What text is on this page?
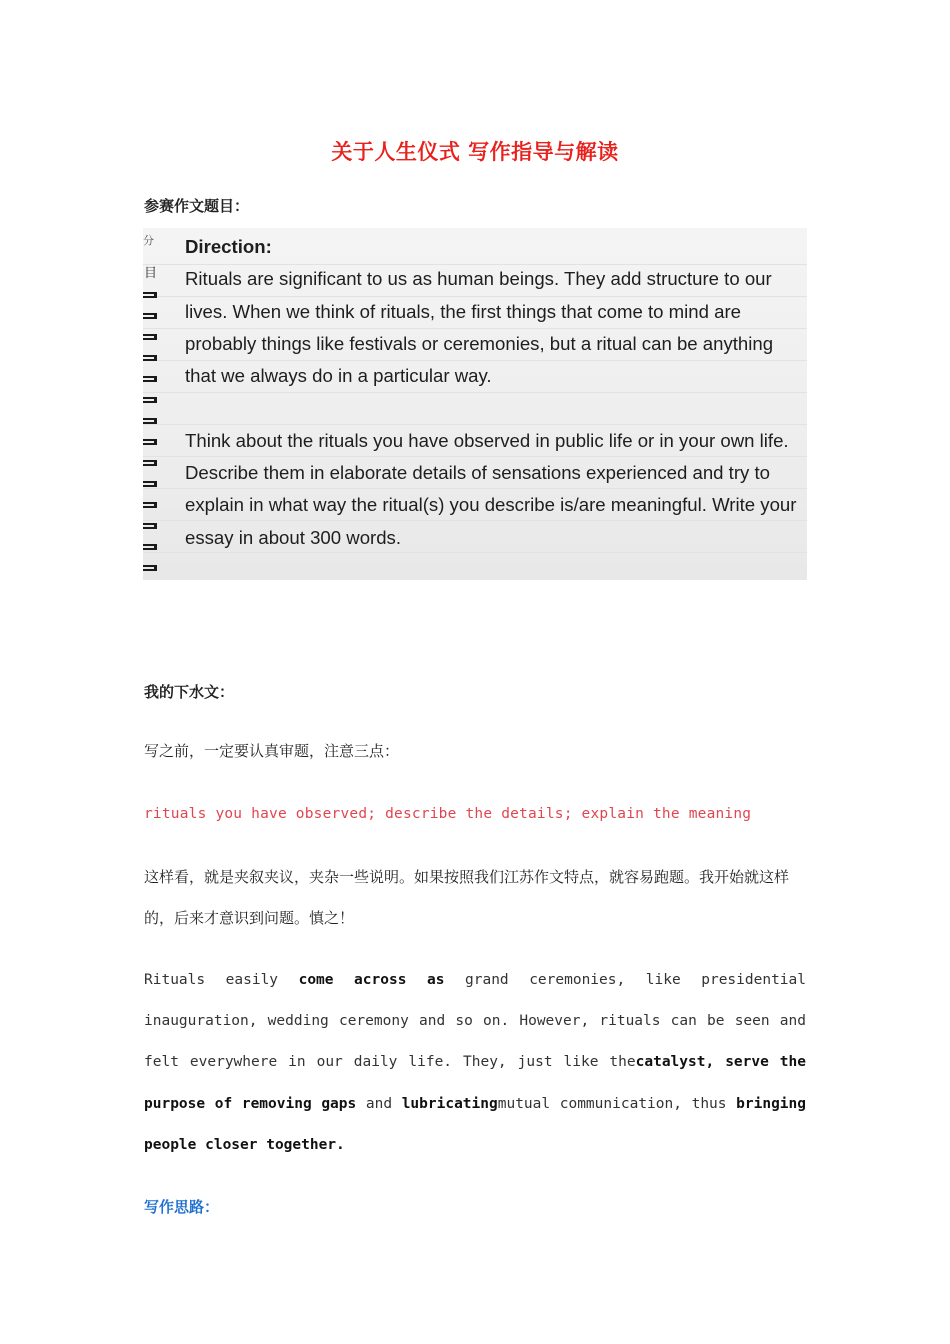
关于人生仪式 写作指导与解读
参赛作文题目：
分
目
Direction:

Rituals are significant to us as human beings. They add structure to our lives. When we think of rituals, the first things that come to mind are probably things like festivals or ceremonies, but a ritual can be anything that we always do in a particular way.

Think about the rituals you have observed in public life or in your own life. Describe them in elaborate details of sensations experienced and try to explain in what way the ritual(s) you describe is/are meaningful. Write your essay in about 300 words.

我的下水文：
写之前，一定要认真审题，注意三点：
rituals you have observed; describe the details; explain the meaning
这样看，就是夹叙夹议，夹杂一些说明。如果按照我们江苏作文特点，就容易跑题。我开始就这样的，后来才意识到问题。慎之！
Rituals easily come across as grand ceremonies, like presidential inauguration, wedding ceremony and so on. However, rituals can be seen and felt everywhere in our daily life. They, just like thecatalyst, serve the purpose of removing gaps and lubricatingmutual communication, thus bringing people closer together.
写作思路：
